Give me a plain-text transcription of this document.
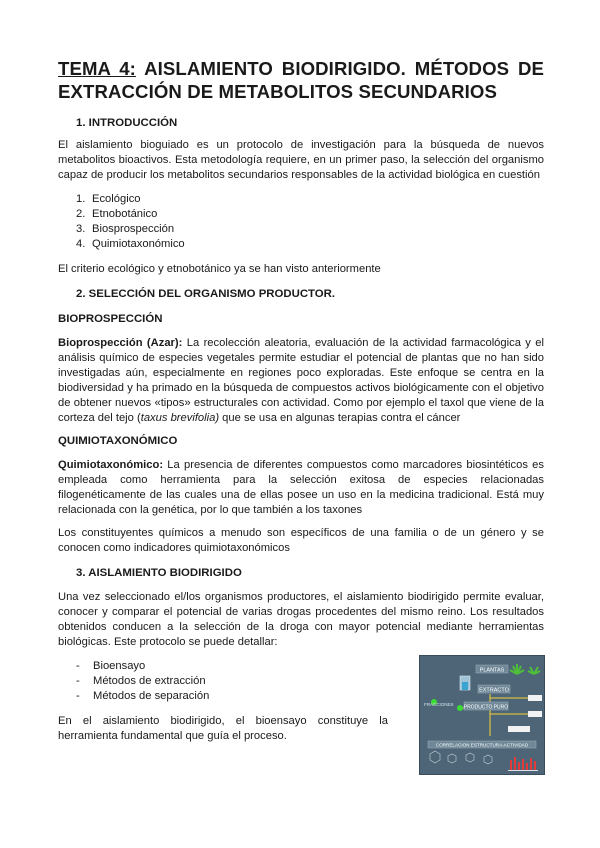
TEMA 4: AISLAMIENTO BIODIRIGIDO. MÉTODOS DE EXTRACCIÓN DE METABOLITOS SECUNDARIOS
1. INTRODUCCIÓN
El aislamiento bioguiado es un protocolo de investigación para la búsqueda de nuevos metabolitos bioactivos. Esta metodología requiere, en un primer paso, la selección del organismo capaz de producir los metabolitos secundarios responsables de la actividad biológica en cuestión
1. Ecológico
2. Etnobotánico
3. Biosprospección
4. Quimiotaxonómico
El criterio ecológico y etnobotánico ya se han visto anteriormente
2. SELECCIÓN DEL ORGANISMO PRODUCTOR.
BIOPROSPECCIÓN
Bioprospección (Azar): La recolección aleatoria, evaluación de la actividad farmacológica y el análisis químico de especies vegetales permite estudiar el potencial de plantas que no han sido investigadas aún, especialmente en regiones poco exploradas. Este enfoque se centra en la biodiversidad y ha primado en la búsqueda de compuestos activos biológicamente con el objetivo de obtener nuevos «tipos» estructurales con actividad. Como por ejemplo el taxol que viene de la corteza del tejo (taxus brevifolia) que se usa en algunas terapias contra el cáncer
QUIMIOTAXONÓMICO
Quimiotaxonómico: La presencia de diferentes compuestos como marcadores biosintéticos es empleada como herramienta para la selección exitosa de especies relacionadas filogenéticamente de las cuales una de ellas posee un uso en la medicina tradicional. Está muy relacionada con la genética, por lo que también a los taxones
Los constituyentes químicos a menudo son específicos de una familia o de un género y se conocen como indicadores quimiotaxonómicos
3. AISLAMIENTO BIODIRIGIDO
Una vez seleccionado el/los organismos productores, el aislamiento biodirigido permite evaluar, conocer y comparar el potencial de varias drogas procedentes del mismo reino. Los resultados obtenidos conducen a la selección de la droga con mayor potencial mediante herramientas biológicas. Este protocolo se puede detallar:
- Bioensayo
- Métodos de extracción
- Métodos de separación
En el aislamiento biodirigido, el bioensayo constituye la herramienta fundamental que guía el proceso.
PLANTAS
EXTRACTO
PRODUCTO PURO
FRACCIONES
CORRELACION ESTRUCTURA-ACTIVIDAD
